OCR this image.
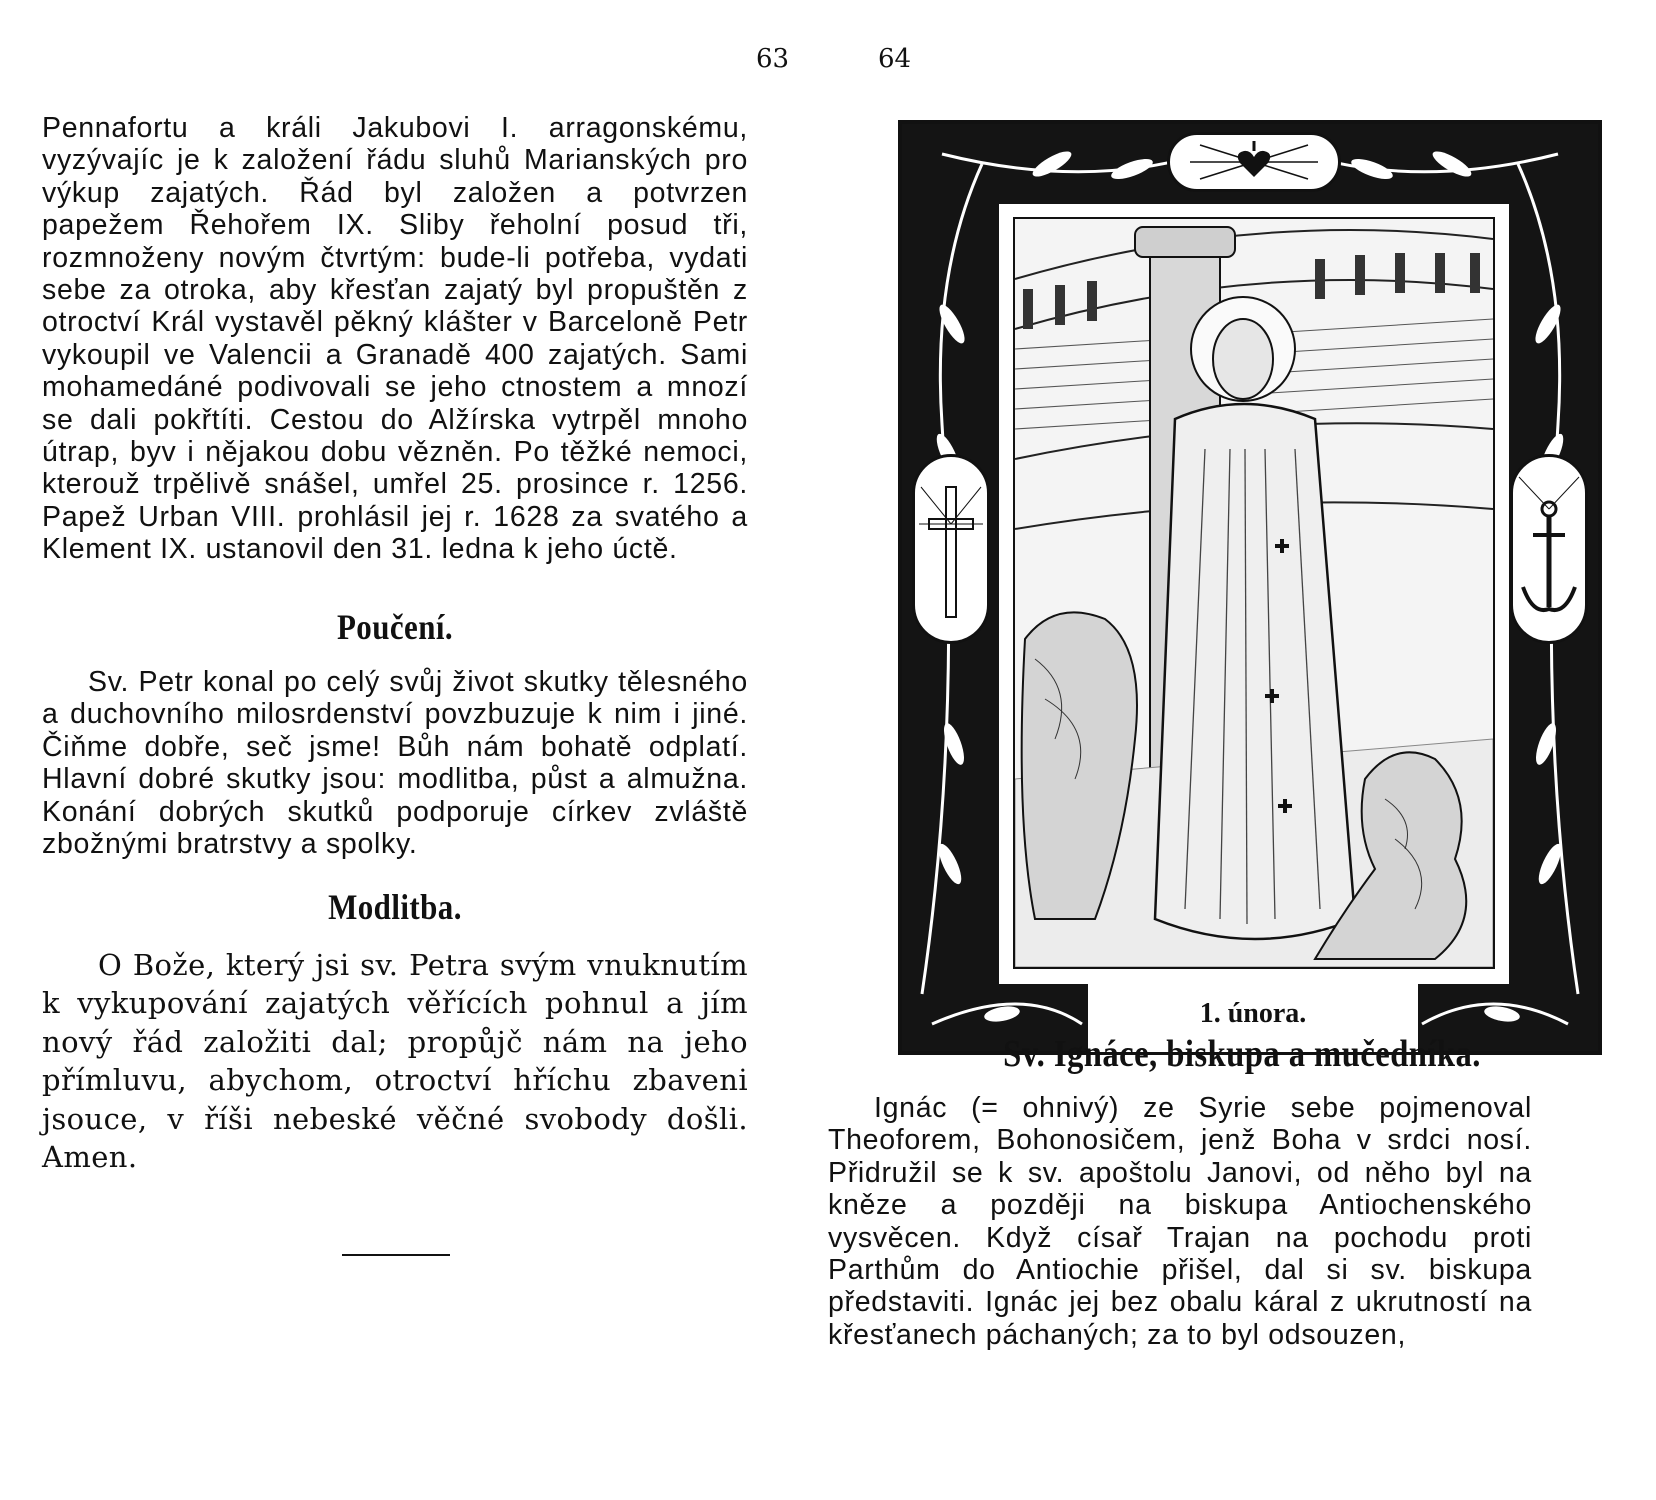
63

Pennafortu a králi Jakubovi I. arragonskému, vyzývajíc je k založení řádu sluhů Marianských pro výkup zajatých. Řád byl založen a potvrzen papežem Řehořem IX. Sliby řeholní posud tři, rozmnoženy novým čtvrtým: bude-li potřeba, vydati sebe za otroka, aby křesťan zajatý byl propuštěn z otroctví Král vystavěl pěkný klášter v Barceloně Petr vykoupil ve Valencii a Granadě 400 zajatých. Sami mohamedáné podivovali se jeho ctnostem a mnozí se dali pokřtíti. Cestou do Alžírska vytrpěl mnoho útrap, byv i nějakou dobu vězněn. Po těžké nemoci, kterouž trpělivě snášel, umřel 25. prosince r. 1256. Papež Urban VIII. prohlásil jej r. 1628 za svatého a Klement IX. ustanovil den 31. ledna k jeho úctě.

Poučení.

Sv. Petr konal po celý svůj život skutky tělesného a duchovního milosrdenství povzbuzuje k nim i jiné. Čiňme dobře, seč jsme! Bůh nám bohatě odplatí. Hlavní dobré skutky jsou: modlitba, půst a almužna. Konání dobrých skutků podporuje církev zvláště zbožnými bratrstvy a spolky.

Modlitba.

O Bože, který jsi sv. Petra svým vnuknutím k vykupování zajatých věřících pohnul a jím nový řád založiti dal; propůjč nám na jeho přímluvu, abychom, otroctví hříchu zbaveni jsouce, v říši nebeské věčné svobody došli. Amen.

64
1. února.
Sv. Ignáce, biskupa a mučedníka.

Ignác (= ohnivý) ze Syrie sebe pojmenoval Theoforem, Bohonosičem, jenž Boha v srdci nosí. Přidružil se k sv. apoštolu Janovi, od něho byl na kněze a později na biskupa Antiochenského vysvěcen. Když císař Trajan na pochodu proti Parthům do Antiochie přišel, dal si sv. biskupa představiti. Ignác jej bez obalu káral z ukrutností na křesťanech páchaných; za to byl odsouzen,
